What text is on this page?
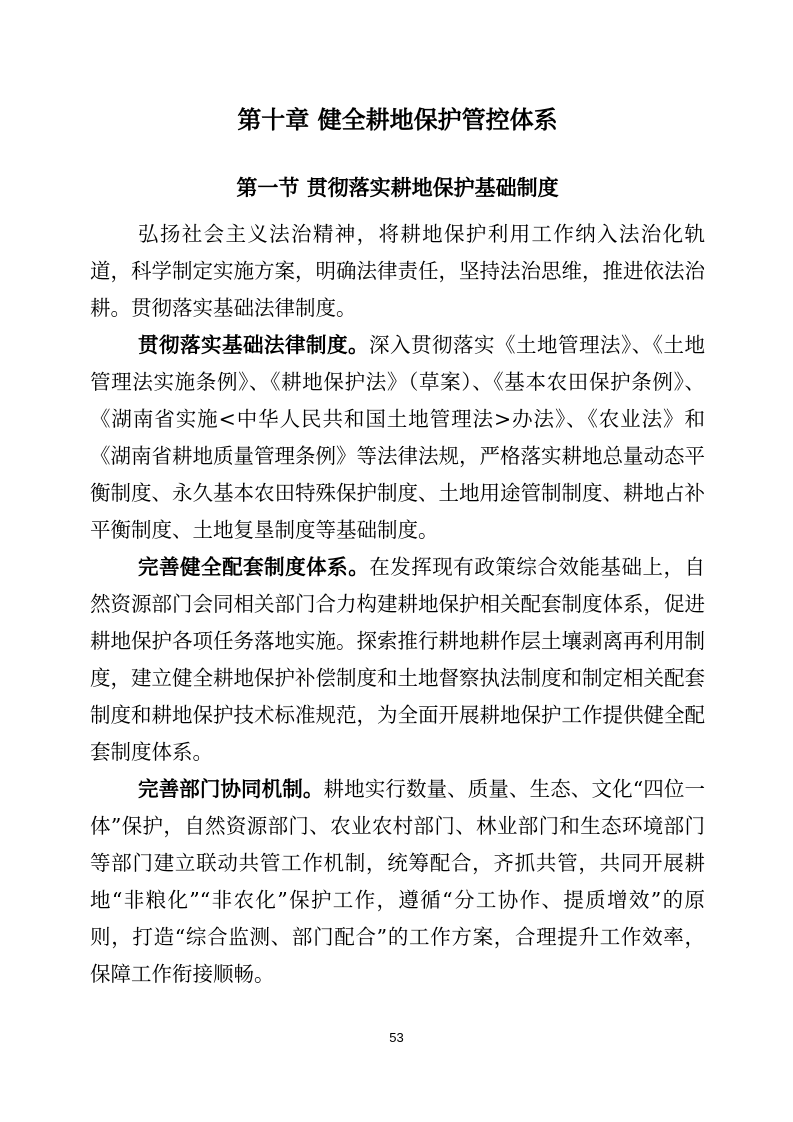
第十章 健全耕地保护管控体系
第一节 贯彻落实耕地保护基础制度

弘扬社会主义法治精神，将耕地保护利用工作纳入法治化轨道，科学制定实施方案，明确法律责任，坚持法治思维，推进依法治耕。贯彻落实基础法律制度。

贯彻落实基础法律制度。深入贯彻落实《土地管理法》、《土地管理法实施条例》、《耕地保护法》（草案）、《基本农田保护条例》、《湖南省实施<中华人民共和国土地管理法>办法》、《农业法》和《湖南省耕地质量管理条例》等法律法规，严格落实耕地总量动态平衡制度、永久基本农田特殊保护制度、土地用途管制制度、耕地占补平衡制度、土地复垦制度等基础制度。

完善健全配套制度体系。在发挥现有政策综合效能基础上，自然资源部门会同相关部门合力构建耕地保护相关配套制度体系，促进耕地保护各项任务落地实施。探索推行耕地耕作层土壤剥离再利用制度，建立健全耕地保护补偿制度和土地督察执法制度和制定相关配套制度和耕地保护技术标准规范，为全面开展耕地保护工作提供健全配套制度体系。

完善部门协同机制。耕地实行数量、质量、生态、文化“四位一体”保护，自然资源部门、农业农村部门、林业部门和生态环境部门等部门建立联动共管工作机制，统筹配合，齐抓共管，共同开展耕地“非粮化”“非农化”保护工作，遵循“分工协作、提质增效”的原则，打造“综合监测、部门配合”的工作方案，合理提升工作效率，保障工作衔接顺畅。

53
